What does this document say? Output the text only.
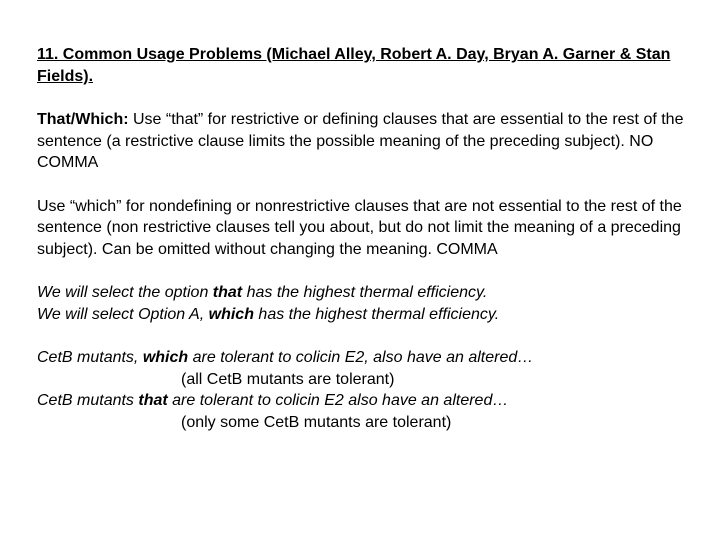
11. Common Usage Problems (Michael Alley, Robert A. Day, Bryan A. Garner & Stan Fields).

That/Which: Use “that” for restrictive or defining clauses that are essential to the rest of the sentence (a restrictive clause limits the possible meaning of the preceding subject). NO COMMA

Use “which” for nondefining or nonrestrictive clauses that are not essential to the rest of the sentence (non restrictive clauses tell you about, but do not limit the meaning of a preceding subject). Can be omitted without changing the meaning. COMMA

We will select the option that has the highest thermal efficiency.

We will select Option A, which has the highest thermal efficiency.

CetB mutants, which are tolerant to colicin E2, also have an altered…

(all CetB mutants are tolerant)

CetB mutants that are tolerant to colicin E2 also have an altered…

(only some CetB mutants are tolerant)
